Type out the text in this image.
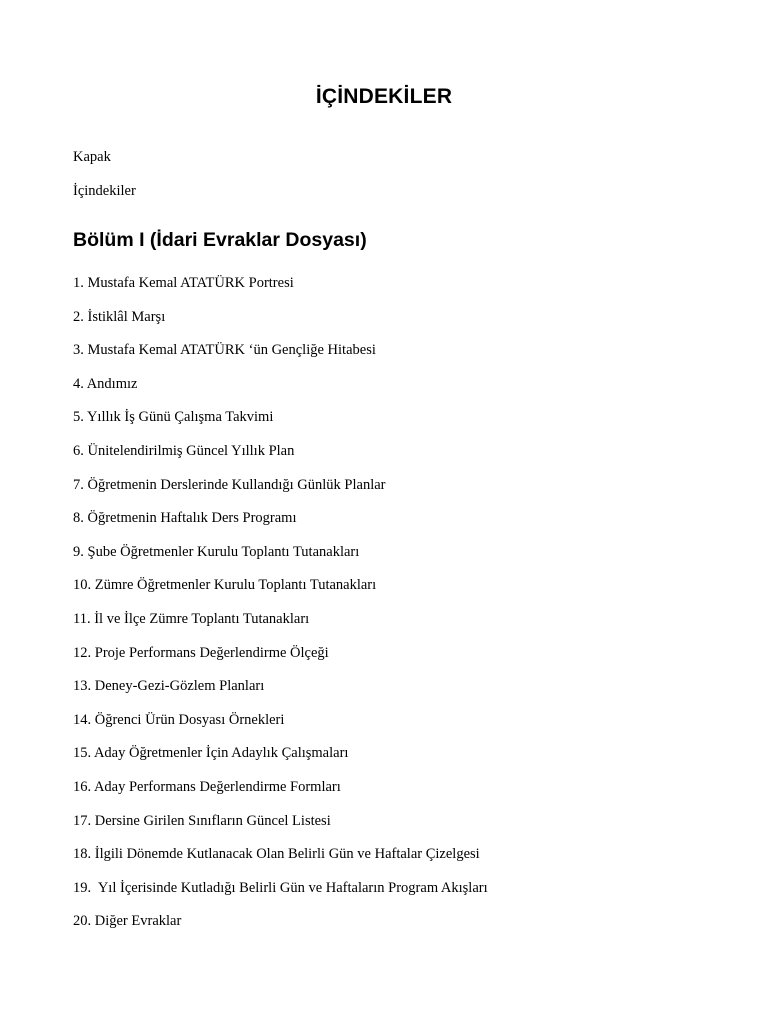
İÇİNDEKİLER
Kapak
İçindekiler
Bölüm I (İdari Evraklar Dosyası)
1. Mustafa Kemal ATATÜRK Portresi
2. İstiklâl Marşı
3. Mustafa Kemal ATATÜRK ‘ün Gençliğe Hitabesi
4. Andımız
5. Yıllık İş Günü Çalışma Takvimi
6. Ünitelendirilmiş Güncel Yıllık Plan
7. Öğretmenin Derslerinde Kullandığı Günlük Planlar
8. Öğretmenin Haftalık Ders Programı
9. Şube Öğretmenler Kurulu Toplantı Tutanakları
10. Zümre Öğretmenler Kurulu Toplantı Tutanakları
11. İl ve İlçe Zümre Toplantı Tutanakları
12. Proje Performans Değerlendirme Ölçeği
13. Deney-Gezi-Gözlem Planları
14. Öğrenci Ürün Dosyası Örnekleri
15. Aday Öğretmenler İçin Adaylık Çalışmaları
16. Aday Performans Değerlendirme Formları
17. Dersine Girilen Sınıfların Güncel Listesi
18. İlgili Dönemde Kutlanacak Olan Belirli Gün ve Haftalar Çizelgesi
19.  Yıl İçerisinde Kutladığı Belirli Gün ve Haftaların Program Akışları
20. Diğer Evraklar
